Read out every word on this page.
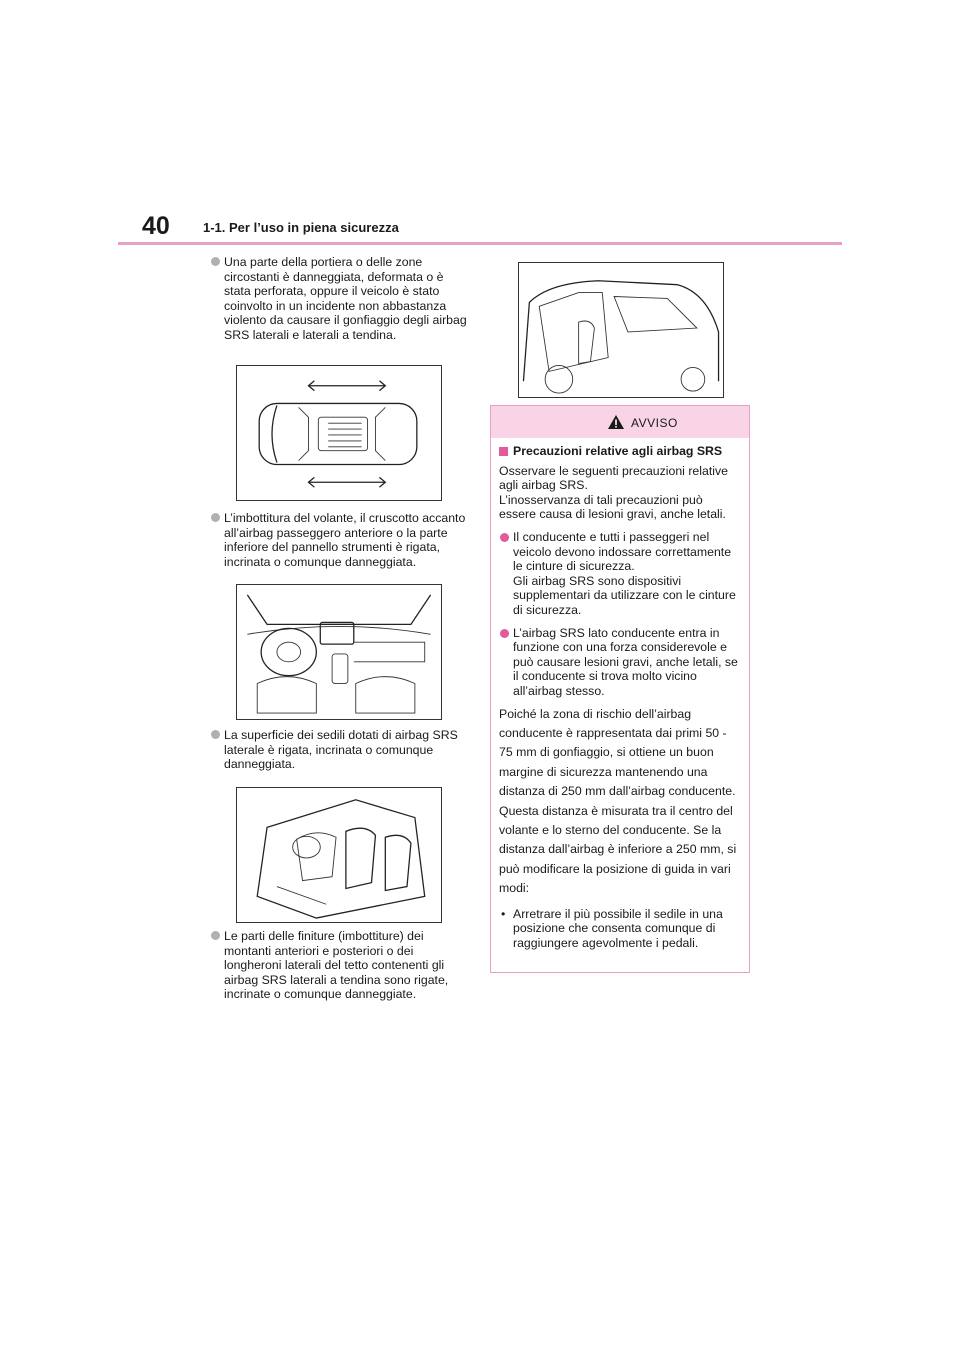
40	1-1. Per l’uso in piena sicurezza
Una parte della portiera o delle zone circostanti è danneggiata, deformata o è stata perforata, oppure il veicolo è stato coinvolto in un incidente non abbastanza violento da causare il gonfiaggio degli airbag SRS laterali e laterali a tendina.
L’imbottitura del volante, il cruscotto accanto all’airbag passeggero anteriore o la parte inferiore del pannello strumenti è rigata, incrinata o comunque danneggiata.
La superficie dei sedili dotati di airbag SRS laterale è rigata, incrinata o comunque danneggiata.
Le parti delle finiture (imbottiture) dei montanti anteriori e posteriori o dei longheroni laterali del tetto contenenti gli airbag SRS laterali a tendina sono rigate, incrinate o comunque danneggiate.
AVVISO
Precauzioni relative agli airbag SRS

Osservare le seguenti precauzioni relative agli airbag SRS.

L’inosservanza di tali precauzioni può essere causa di lesioni gravi, anche letali.

Il conducente e tutti i passeggeri nel veicolo devono indossare correttamente le cinture di sicurezza.
Gli airbag SRS sono dispositivi supplementari da utilizzare con le cinture di sicurezza.
L’airbag SRS lato conducente entra in funzione con una forza considerevole e può causare lesioni gravi, anche letali, se il conducente si trova molto vicino all’airbag stesso.

Poiché la zona di rischio dell’airbag conducente è rappresentata dai primi 50 - 75 mm di gonfiaggio, si ottiene un buon margine di sicurezza mantenendo una distanza di 250 mm dall’airbag conducente. Questa distanza è misurata tra il centro del volante e lo sterno del conducente. Se la distanza dall’airbag è inferiore a 250 mm, si può modificare la posizione di guida in vari modi:

• Arretrare il più possibile il sedile in una posizione che consenta comunque di raggiungere agevolmente i pedali.
